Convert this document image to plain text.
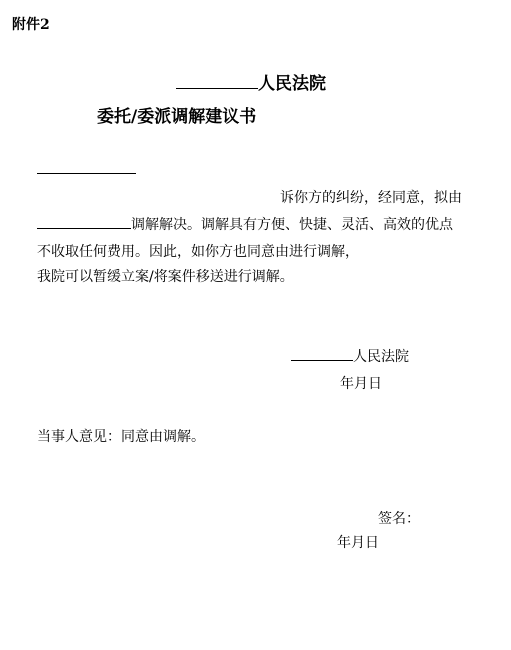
附件2
人民法院
委托/委派调解建议书
诉你方的纠纷，经同意，拟由
调解解决。调解具有方便、快捷、灵活、高效的优点
不收取任何费用。因此，如你方也同意由进行调解，
我院可以暂缓立案/将案件移送进行调解。
人民法院
年月日
当事人意见：同意由调解。
签名：
年月日
